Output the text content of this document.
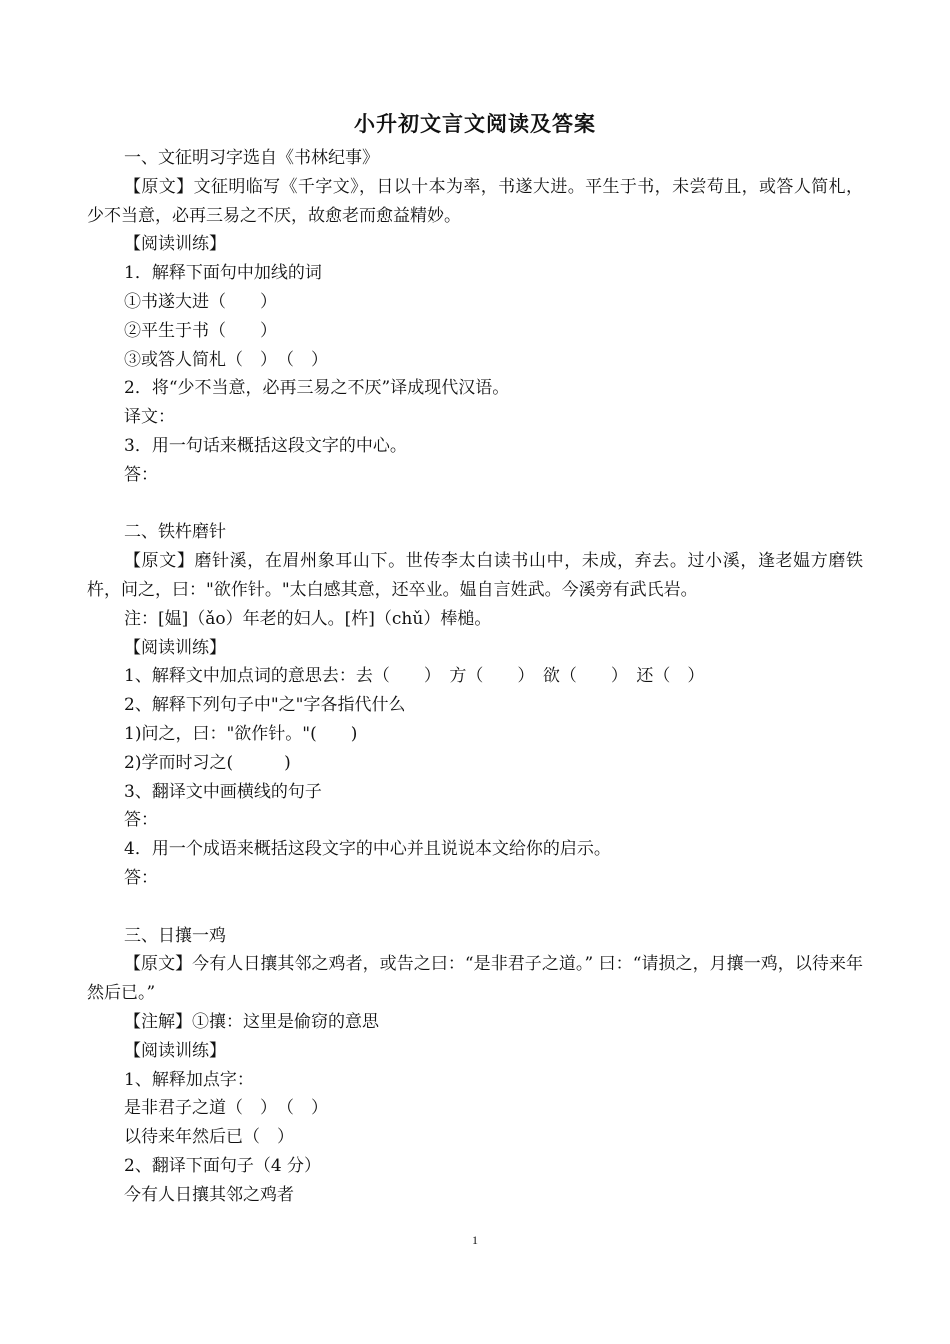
小升初文言文阅读及答案
一、文征明习字选自《书林纪事》
【原文】文征明临写《千字文》，日以十本为率，书遂大进。平生于书，未尝苟且，或答人简札，少不当意，必再三易之不厌，故愈老而愈益精妙。
【阅读训练】
1．解释下面句中加线的词
①书遂大进（　　）
②平生于书（　　）
③或答人简札（　）　（　）
2．将“少不当意，必再三易之不厌”译成现代汉语。
译文：
3．用一句话来概括这段文字的中心。
答：
二、铁杵磨针
【原文】磨针溪，在眉州象耳山下。世传李太白读书山中，未成，弃去。过小溪，逢老媪方磨铁杵，问之，曰："欲作针。"太白感其意，还卒业。媪自言姓武。今溪旁有武氏岩。
注：[媪]（ǎo）年老的妇人。[杵]（chǔ）棒槌。
【阅读训练】
1、解释文中加点词的意思去：去（　　）　方（　　）　欲（　　）　还（　）
2、解释下列句子中"之"字各指代什么
1)问之，曰："欲作针。"(　　)
2)学而时习之(　　　)
3、翻译文中画横线的句子
答：
4．用一个成语来概括这段文字的中心并且说说本文给你的启示。
答：
三、日攘一鸡
【原文】今有人日攘其邻之鸡者，或告之曰：“是非君子之道。” 曰：“请损之，月攘一鸡，以待来年然后已。”
【注解】①攘：这里是偷窃的意思
【阅读训练】
1、解释加点字：
是非君子之道（　）　（　）
以待来年然后已（　）
2、翻译下面句子（4 分）
今有人日攘其邻之鸡者
1
